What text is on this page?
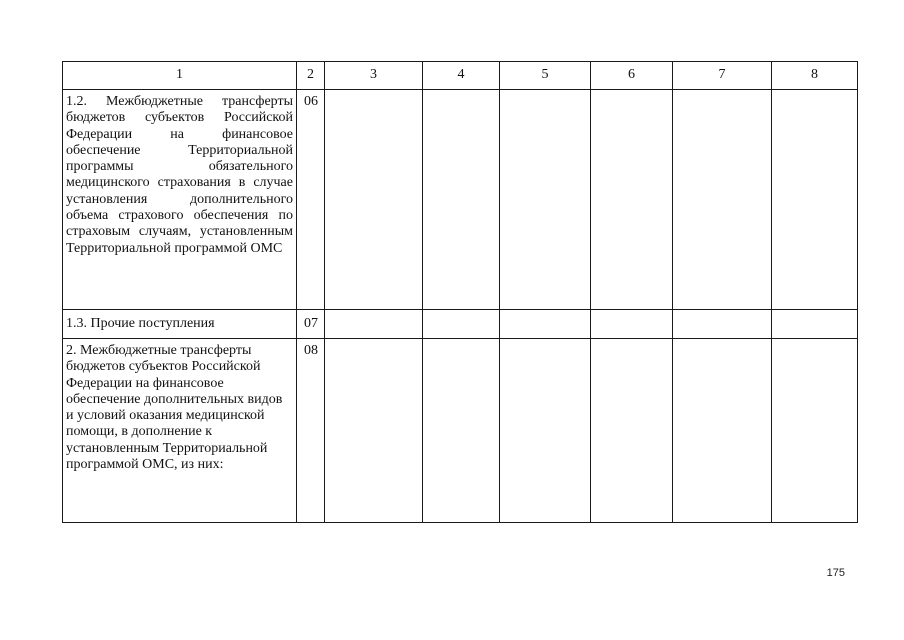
1	2	3	4	5	6	7	8
1.2. Межбюджетные трансферты бюджетов субъектов Российской Федерации на финансовое обеспечение Территориальной программы обязательного медицинского страхования в случае установления дополнительного объема страхового обеспечения по страховым случаям, установленным Территориальной программой ОМС	06						
1.3. Прочие поступления	07						
2. Межбюджетные трансферты бюджетов субъектов Российской Федерации на финансовое обеспечение дополнительных видов и условий оказания медицинской помощи, в дополнение к установленным Территориальной программой ОМС, из них:	08						
175
